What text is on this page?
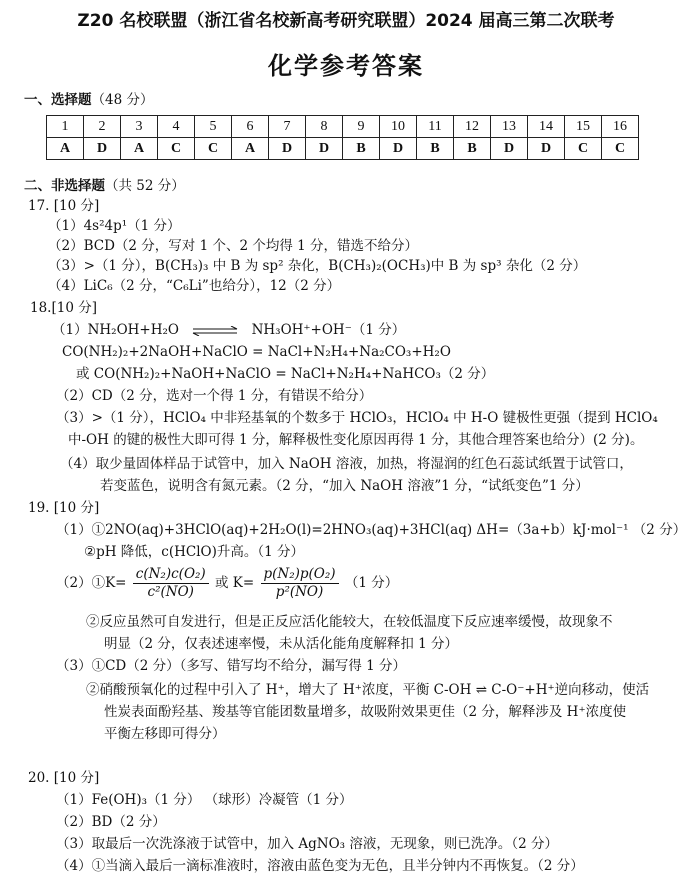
Z20 名校联盟（浙江省名校新高考研究联盟）2024 届高三第二次联考
化学参考答案
一、选择题（48 分）
1	2	3	4	5	6	7	8	9	10	11	12	13	14	15	16
A	D	A	C	C	A	D	D	B	D	B	B	D	D	C	C
二、非选择题（共 52 分）
17. [10 分]
（1）4s²4p¹（1 分）
（2）BCD（2 分，写对 1 个、2 个均得 1 分，错选不给分）
（3）>（1 分），B(CH₃)₃ 中 B 为 sp² 杂化，B(CH₃)₂(OCH₃)中 B 为 sp³ 杂化（2 分）
（4）LiC₆（2 分，“C₆Li”也给分），12（2 分）
18.[10 分]
（1）NH₂OH+H₂O ⇌ NH₃OH⁺+OH⁻（1 分）
CO(NH₂)₂+2NaOH+NaClO = NaCl+N₂H₄+Na₂CO₃+H₂O
或 CO(NH₂)₂+NaOH+NaClO = NaCl+N₂H₄+NaHCO₃（2 分）
（2）CD（2 分，选对一个得 1 分，有错误不给分）
（3）>（1 分），HClO₄ 中非羟基氧的个数多于 HClO₃，HClO₄ 中 H-O 键极性更强（提到 HClO₄
中-OH 的键的极性大即可得 1 分，解释极性变化原因再得 1 分，其他合理答案也给分）(2 分)。
（4）取少量固体样品于试管中，加入 NaOH 溶液，加热，将湿润的红色石蕊试纸置于试管口，
若变蓝色，说明含有氮元素。（2 分，“加入 NaOH 溶液”1 分，“试纸变色”1 分）
19. [10 分]
（1）①2NO(aq)+3HClO(aq)+2H₂O(l)=2HNO₃(aq)+3HCl(aq) ΔH=（3a+b）kJ·mol⁻¹ （2 分）
②pH 降低，c(HClO)升高。（1 分）
（2）①K= $\frac{\text{c(N₂)c(O₂)}}{\text{c²(NO)}}$ 或 $K= \frac{\text{p(N₂)p(O₂)}}{\text{p²(NO)}} (1$ 分）
②反应虽然可自发进行，但是正反应活化能较大，在较低温度下反应速率缓慢，故现象不
明显（2 分，仅表述速率慢，未从活化能角度解释扣 1 分）
（3）①CD（2 分）（多写、错写均不给分，漏写得 1 分）
②硝酸预氧化的过程中引入了 H⁺，增大了 H⁺浓度，平衡 C-OH ⇌ C-O⁻+H⁺逆向移动，使活
性炭表面酚羟基、羧基等官能团数量增多，故吸附效果更佳（2 分，解释涉及 H⁺浓度使
平衡左移即可得分）
20. [10 分]
（1）Fe(OH)₃（1 分） （球形）冷凝管（1 分）
（2）BD（2 分）
（3）取最后一次洗涤液于试管中，加入 AgNO₃ 溶液，无现象，则已洗净。（2 分）
（4）①当滴入最后一滴标准液时，溶液由蓝色变为无色，且半分钟内不再恢复。（2 分）
